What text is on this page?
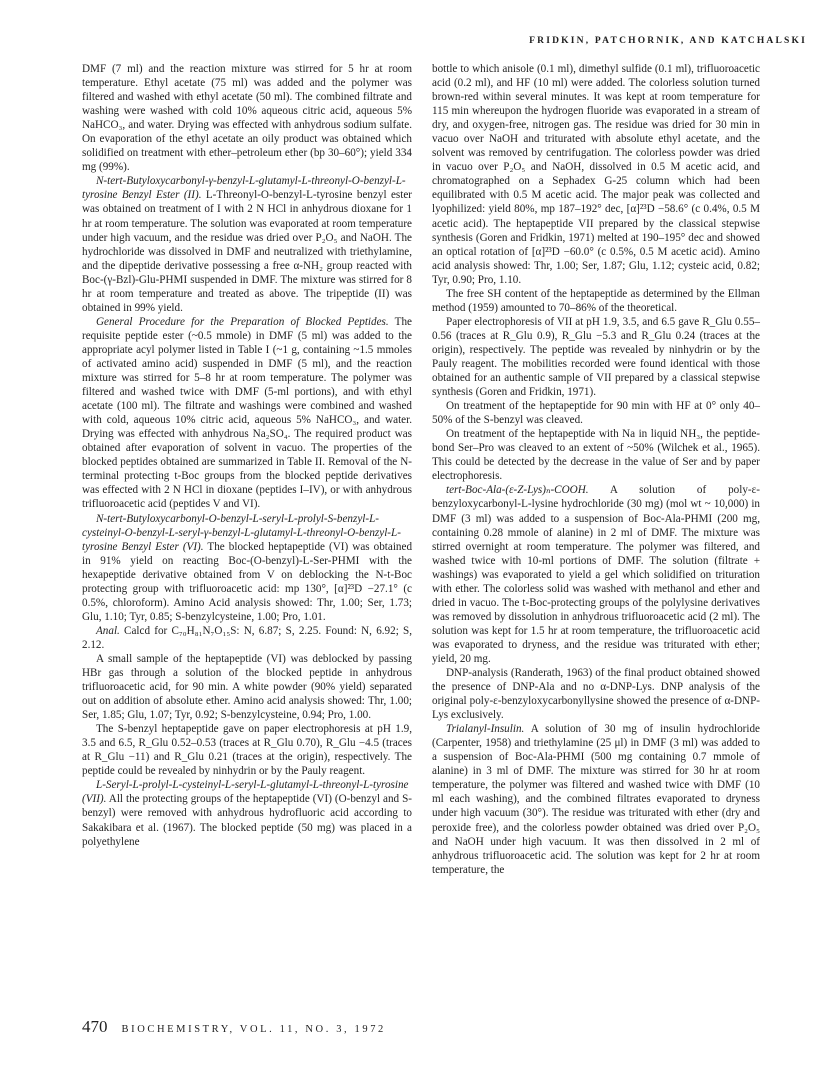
FRIDKIN, PATCHORNIK, AND KATCHALSKI

DMF (7 ml) and the reaction mixture was stirred for 5 hr at room temperature. Ethyl acetate (75 ml) was added and the polymer was filtered and washed with ethyl acetate (50 ml). The combined filtrate and washing were washed with cold 10% aqueous citric acid, aqueous 5% NaHCO₃, and water. Drying was effected with anhydrous sodium sulfate. On evaporation of the ethyl acetate an oily product was obtained which solidified on treatment with ether–petroleum ether (bp 30–60°); yield 334 mg (99%).

N-tert-Butyloxycarbonyl-γ-benzyl-L-glutamyl-L-threonyl-O-benzyl-L-tyrosine Benzyl Ester (II). L-Threonyl-O-benzyl-L-tyrosine benzyl ester was obtained on treatment of I with 2 N HCl in anhydrous dioxane for 1 hr at room temperature. The solution was evaporated at room temperature under high vacuum, and the residue was dried over P₂O₅ and NaOH. The hydrochloride was dissolved in DMF and neutralized with triethylamine, and the dipeptide derivative possessing a free α-NH₂ group reacted with Boc-(γ-Bzl)-Glu-PHMI suspended in DMF. The mixture was stirred for 8 hr at room temperature and treated as above. The tripeptide (II) was obtained in 99% yield.

General Procedure for the Preparation of Blocked Peptides. The requisite peptide ester (~0.5 mmole) in DMF (5 ml) was added to the appropriate acyl polymer listed in Table I (~1 g, containing ~1.5 mmoles of activated amino acid) suspended in DMF (5 ml), and the reaction mixture was stirred for 5–8 hr at room temperature. The polymer was filtered and washed twice with DMF (5-ml portions), and with ethyl acetate (100 ml). The filtrate and washings were combined and washed with cold, aqueous 10% citric acid, aqueous 5% NaHCO₃, and water. Drying was effected with anhydrous Na₂SO₄. The required product was obtained after evaporation of solvent in vacuo. The properties of the blocked peptides obtained are summarized in Table II. Removal of the N-terminal protecting t-Boc groups from the blocked peptide derivatives was effected with 2 N HCl in dioxane (peptides I–IV), or with anhydrous trifluoroacetic acid (peptides V and VI).

N-tert-Butyloxycarbonyl-O-benzyl-L-seryl-L-prolyl-S-benzyl-L-cysteinyl-O-benzyl-L-seryl-γ-benzyl-L-glutamyl-L-threonyl-O-benzyl-L-tyrosine Benzyl Ester (VI). The blocked heptapeptide (VI) was obtained in 91% yield on reacting Boc-(O-benzyl)-L-Ser-PHMI with the hexapeptide derivative obtained from V on deblocking the N-t-Boc protecting group with trifluoroacetic acid: mp 130°, [α]²³D −27.1° (c 0.5%, chloroform). Amino Acid analysis showed: Thr, 1.00; Ser, 1.73; Glu, 1.10; Tyr, 0.85; S-benzylcysteine, 1.00; Pro, 1.01.

Anal. Calcd for C₇₀H₈₁N₇O₁₅S: N, 6.87; S, 2.25. Found: N, 6.92; S, 2.12.

A small sample of the heptapeptide (VI) was deblocked by passing HBr gas through a solution of the blocked peptide in anhydrous trifluoroacetic acid, for 90 min. A white powder (90% yield) separated out on addition of absolute ether. Amino acid analysis showed: Thr, 1.00; Ser, 1.85; Glu, 1.07; Tyr, 0.92; S-benzylcysteine, 0.94; Pro, 1.00.

The S-benzyl heptapeptide gave on paper electrophoresis at pH 1.9, 3.5 and 6.5, R_Glu 0.52–0.53 (traces at R_Glu 0.70), R_Glu −4.5 (traces at R_Glu −11) and R_Glu 0.21 (traces at the origin), respectively. The peptide could be revealed by ninhydrin or by the Pauly reagent.

L-Seryl-L-prolyl-L-cysteinyl-L-seryl-L-glutamyl-L-threonyl-L-tyrosine (VII). All the protecting groups of the heptapeptide (VI) (O-benzyl and S-benzyl) were removed with anhydrous hydrofluoric acid according to Sakakibara et al. (1967). The blocked peptide (50 mg) was placed in a polyethylene

bottle to which anisole (0.1 ml), dimethyl sulfide (0.1 ml), trifluoroacetic acid (0.2 ml), and HF (10 ml) were added. The colorless solution turned brown-red within several minutes. It was kept at room temperature for 115 min whereupon the hydrogen fluoride was evaporated in a stream of dry, and oxygen-free, nitrogen gas. The residue was dried for 30 min in vacuo over NaOH and triturated with absolute ethyl acetate, and the solvent was removed by centrifugation. The colorless powder was dried in vacuo over P₂O₅ and NaOH, dissolved in 0.5 M acetic acid, and chromatographed on a Sephadex G-25 column which had been equilibrated with 0.5 M acetic acid. The major peak was collected and lyophilized: yield 80%, mp 187–192° dec, [α]²³D −58.6° (c 0.4%, 0.5 M acetic acid). The heptapeptide VII prepared by the classical stepwise synthesis (Goren and Fridkin, 1971) melted at 190–195° dec and showed an optical rotation of [α]²³D −60.0° (c 0.5%, 0.5 M acetic acid). Amino acid analysis showed: Thr, 1.00; Ser, 1.87; Glu, 1.12; cysteic acid, 0.82; Tyr, 0.90; Pro, 1.10.

The free SH content of the heptapeptide as determined by the Ellman method (1959) amounted to 70–86% of the theoretical.

Paper electrophoresis of VII at pH 1.9, 3.5, and 6.5 gave R_Glu 0.55–0.56 (traces at R_Glu 0.9), R_Glu −5.3 and R_Glu 0.24 (traces at the origin), respectively. The peptide was revealed by ninhydrin or by the Pauly reagent. The mobilities recorded were found identical with those obtained for an authentic sample of VII prepared by a classical stepwise synthesis (Goren and Fridkin, 1971).

On treatment of the heptapeptide for 90 min with HF at 0° only 40–50% of the S-benzyl was cleaved.

On treatment of the heptapeptide with Na in liquid NH₃, the peptide-bond Ser–Pro was cleaved to an extent of ~50% (Wilchek et al., 1965). This could be detected by the decrease in the value of Ser and by paper electrophoresis.

tert-Boc-Ala-(ε-Z-Lys)ₙ-COOH. A solution of poly-ε-benzyloxycarbonyl-L-lysine hydrochloride (30 mg) (mol wt ~ 10,000) in DMF (3 ml) was added to a suspension of Boc-Ala-PHMI (200 mg, containing 0.28 mmole of alanine) in 2 ml of DMF. The mixture was stirred overnight at room temperature. The polymer was filtered, and washed twice with 10-ml portions of DMF. The solution (filtrate + washings) was evaporated to yield a gel which solidified on trituration with ether. The colorless solid was washed with methanol and ether and dried in vacuo. The t-Boc-protecting groups of the polylysine derivatives was removed by dissolution in anhydrous trifluoroacetic acid (2 ml). The solution was kept for 1.5 hr at room temperature, the trifluoroacetic acid was evaporated to dryness, and the residue was triturated with ether; yield, 20 mg.

DNP-analysis (Randerath, 1963) of the final product obtained showed the presence of DNP-Ala and no α-DNP-Lys. DNP analysis of the original poly-ε-benzyloxycarbonyllysine showed the presence of α-DNP-Lys exclusively.

Trialanyl-Insulin. A solution of 30 mg of insulin hydrochloride (Carpenter, 1958) and triethylamine (25 μl) in DMF (3 ml) was added to a suspension of Boc-Ala-PHMI (500 mg containing 0.7 mmole of alanine) in 3 ml of DMF. The mixture was stirred for 30 hr at room temperature, the polymer was filtered and washed twice with DMF (10 ml each washing), and the combined filtrates evaporated to dryness under high vacuum (30°). The residue was triturated with ether (dry and peroxide free), and the colorless powder obtained was dried over P₂O₅ and NaOH under high vacuum. It was then dissolved in 2 ml of anhydrous trifluoroacetic acid. The solution was kept for 2 hr at room temperature, the

470 BIOCHEMISTRY, VOL. 11, NO. 3, 1972
